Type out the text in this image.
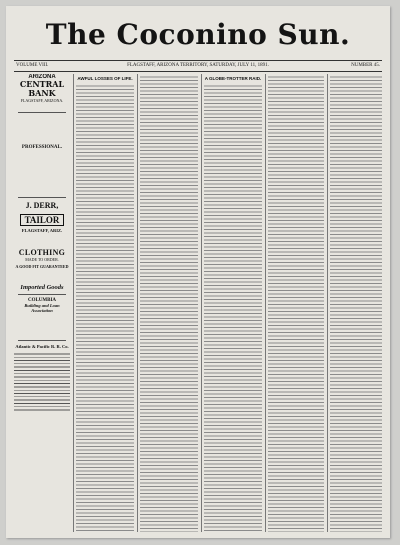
The Coconino Sun.
VOLUME VIII.	FLAGSTAFF, ARIZONA TERRITORY, SATURDAY, JULY 11, 1891.	NUMBER 45.
ARIZONA
CENTRAL BANK
FLAGSTAFF, ARIZONA.

PROFESSIONAL.

J. DERR,
TAILOR
FLAGSTAFF, ARIZ.

CLOTHING
MADE TO ORDER.
A GOOD FIT GUARANTEED

Imported Goods
COLUMBIA
Building and Loan Association

Atlantic & Pacific R. R. Co.
AWFUL LOSSES OF LIFE.	A GLOBE-TROTTER RAID.
